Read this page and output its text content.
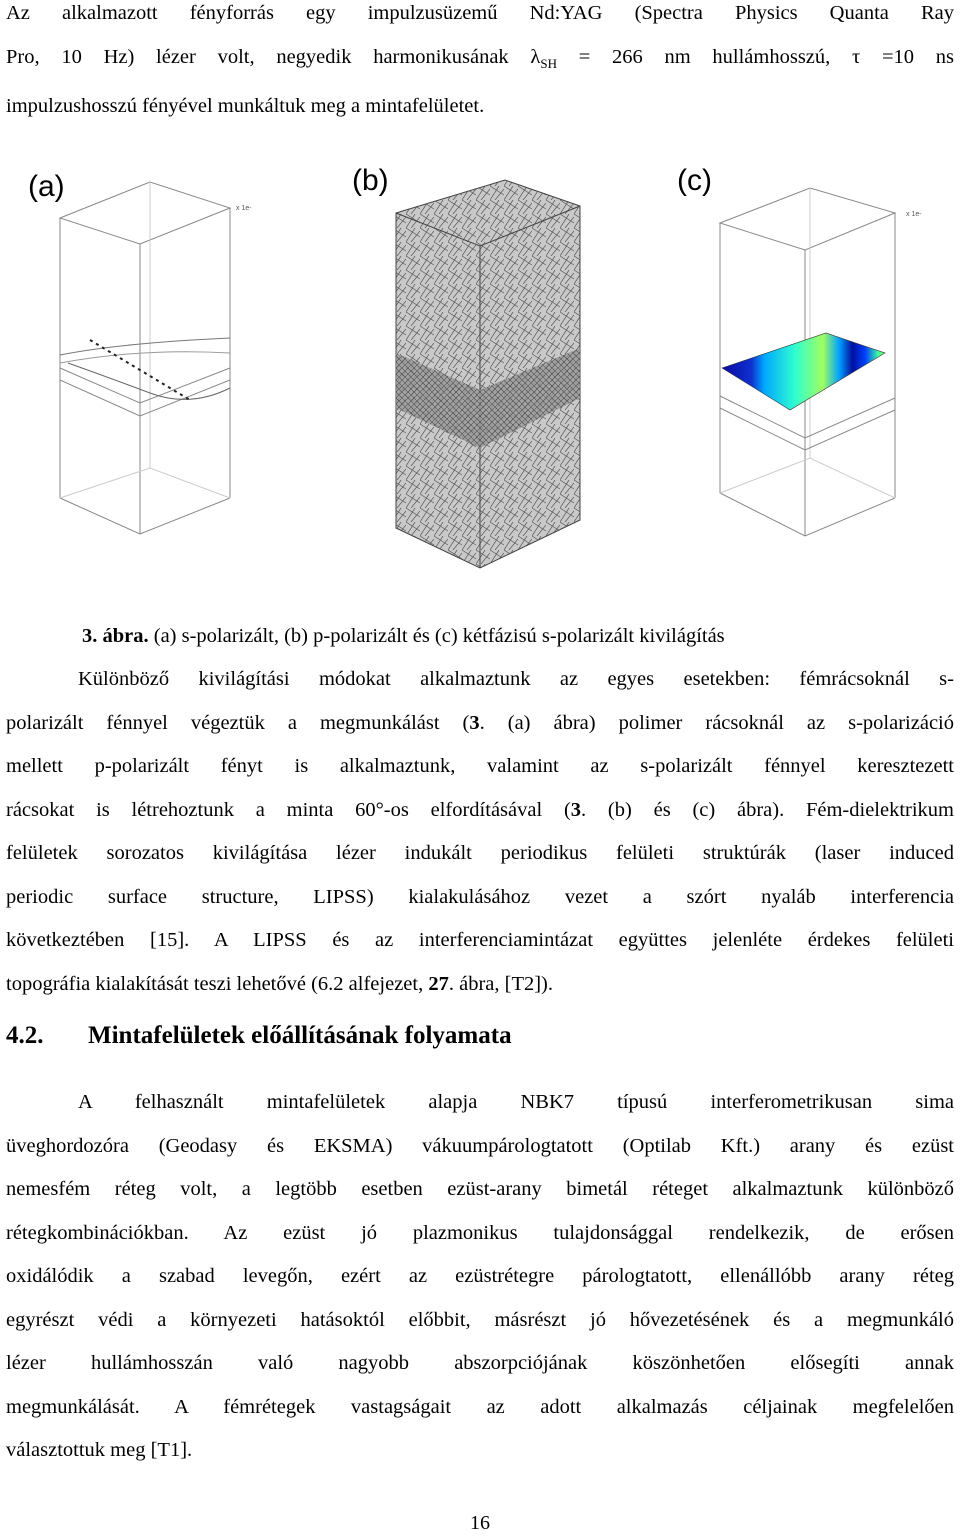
Az alkalmazott fényforrás egy impulzusüzemű Nd:YAG (Spectra Physics Quanta Ray
Pro, 10 Hz) lézer volt, negyedik harmonikusának $\lambda_{SH} = 266$ nm hullámhosszú, τ =10 ns
impulzushosszú fényével munkáltuk meg a mintafelületet.
(a)
x 1e-
(b)	(c)
x 1e-
3. ábra. (a) s-polarizált, (b) p-polarizált és (c) kétfázisú s-polarizált kivilágítás
Különböző kivilágítási módokat alkalmaztunk az egyes esetekben: fémrácsoknál s-
polarizált fénnyel végeztük a megmunkálást (3. (a) ábra) polimer rácsoknál az s-polarizáció
mellett p-polarizált fényt is alkalmaztunk, valamint az s-polarizált fénnyel keresztezett
rácsokat is létrehoztunk a minta 60°-os elfordításával (3. (b) és (c) ábra). Fém-dielektrikum
felületek sorozatos kivilágítása lézer indukált periodikus felületi struktúrák (laser induced
periodic surface structure, LIPSS) kialakulásához vezet a szórt nyaláb interferencia
következtében [15]. A LIPSS és az interferenciamintázat együttes jelenléte érdekes felületi
topográfia kialakítását teszi lehetővé (6.2 alfejezet, 27. ábra, [T2]).
4.2. Mintafelületek előállításának folyamata
A felhasznált mintafelületek alapja NBK7 típusú interferometrikusan sima
üveghordozóra (Geodasy és EKSMA) vákuumpárologtatott (Optilab Kft.) arany és ezüst
nemesfém réteg volt, a legtöbb esetben ezüst-arany bimetál réteget alkalmaztunk különböző
rétegkombinációkban. Az ezüst jó plazmonikus tulajdonsággal rendelkezik, de erősen
oxidálódik a szabad levegőn, ezért az ezüstrétegre párologtatott, ellenállóbb arany réteg
egyrészt védi a környezeti hatásoktól előbbit, másrészt jó hővezetésének és a megmunkáló
lézer hullámhosszán való nagyobb abszorpciójának köszönhetően elősegíti annak
megmunkálását. A fémrétegek vastagságait az adott alkalmazás céljainak megfelelően
választottuk meg [T1].
16
